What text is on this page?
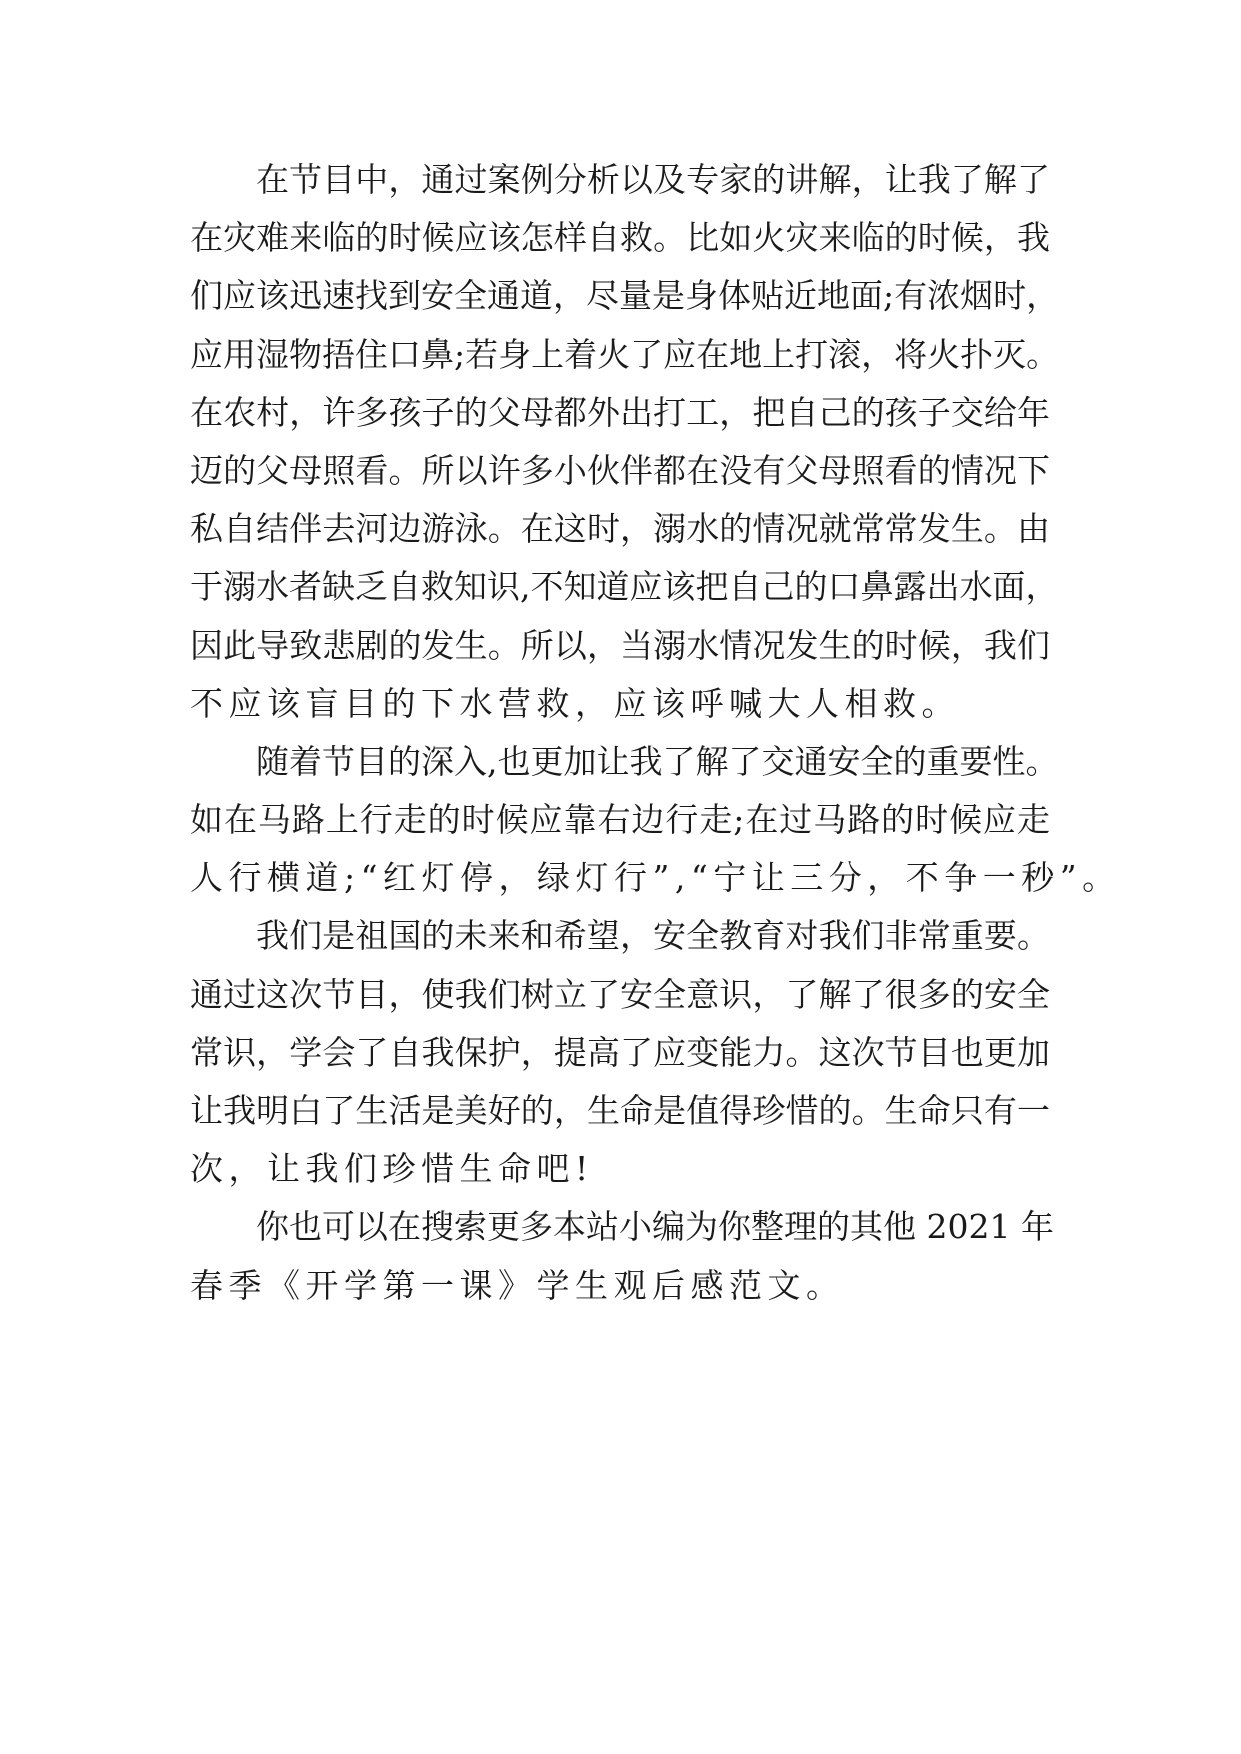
在节目中，通过案例分析以及专家的讲解，让我了解了
在灾难来临的时候应该怎样自救。比如火灾来临的时候，我
们应该迅速找到安全通道，尽量是身体贴近地面;有浓烟时，
应用湿物捂住口鼻;若身上着火了应在地上打滚，将火扑灭。
在农村，许多孩子的父母都外出打工，把自己的孩子交给年
迈的父母照看。所以许多小伙伴都在没有父母照看的情况下
私自结伴去河边游泳。在这时，溺水的情况就常常发生。由
于溺水者缺乏自救知识,不知道应该把自己的口鼻露出水面，
因此导致悲剧的发生。所以，当溺水情况发生的时候，我们
不应该盲目的下水营救，应该呼喊大人相救。
随着节目的深入,也更加让我了解了交通安全的重要性。
如在马路上行走的时候应靠右边行走;在过马路的时候应走
人行横道;“红灯停，绿灯行”,“宁让三分，不争一秒”。
我们是祖国的未来和希望，安全教育对我们非常重要。
通过这次节目，使我们树立了安全意识，了解了很多的安全
常识，学会了自我保护，提高了应变能力。这次节目也更加
让我明白了生活是美好的，生命是值得珍惜的。生命只有一
次，让我们珍惜生命吧!
你也可以在搜索更多本站小编为你整理的其他 2021 年
春季《开学第一课》学生观后感范文。
